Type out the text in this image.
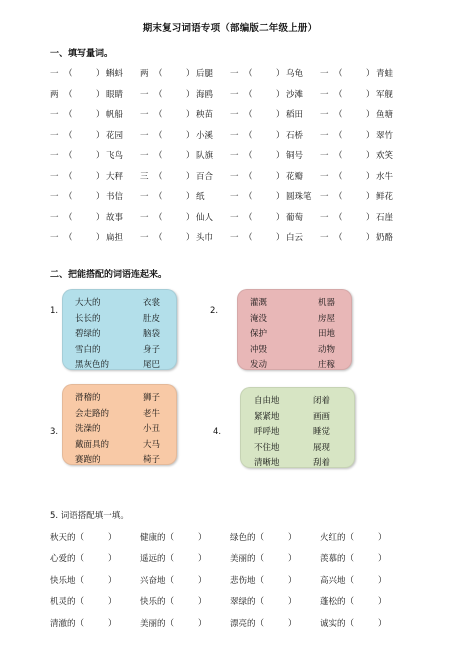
期末复习词语专项（部编版二年级上册）
一、填写量词。
一 （	） 蝌蚪	两 （	） 后腿	一 （	） 乌龟	一 （	） 青蛙
两 （	） 眼睛	一 （	） 海鸥	一 （	） 沙滩	一 （	） 军舰
一 （	） 帆船	一 （	） 秧苗	一 （	） 稻田	一 （	） 鱼塘
一 （	） 花园	一 （	） 小溪	一 （	） 石桥	一 （	） 翠竹
一 （	） 飞鸟	一 （	） 队旗	一 （	） 铜号	一 （	） 欢笑
一 （	） 大秤	三 （	） 百合	一 （	） 花瓣	一 （	） 水牛
一 （	） 书信	一 （	） 纸	一 （	） 圆珠笔 一 （	） 鲜花
一 （	） 故事	一 （	） 仙人	一 （	） 葡萄	一 （	） 石崖
一 （	） 扁担	一 （	） 头巾	一 （	） 白云	一 （	） 奶酪
二、把能搭配的词语连起来。
1.
大大的
长长的
碧绿的
雪白的
黑灰色的
衣裳
肚皮
脑袋
身子
尾巴
2.
灌溉
淹没
保护
冲毁
发动
机器
房屋
田地
动物
庄稼
3.
滑稽的
会走路的
洗澡的
戴面具的
赛跑的
狮子
老牛
小丑
大马
椅子
4.
自由地
紧紧地
呼呼地
不住地
清晰地
闭着
画画
睡觉
展现
刮着
5. 词语搭配填一填。
秋天的 （	）	健康的 （	）	绿色的 （	）	火红的 （	）
心爱的 （	）	遥远的 （	）	美丽的 （	）	羡慕的 （	）
快乐地 （	）	兴奋地 （	）	悲伤地 （	）	高兴地 （	）
机灵的 （	）	快乐的 （	）	翠绿的 （	）	蓬松的 （	）
清澈的 （	）	美丽的 （	）	漂亮的 （	）	诚实的 （	）
